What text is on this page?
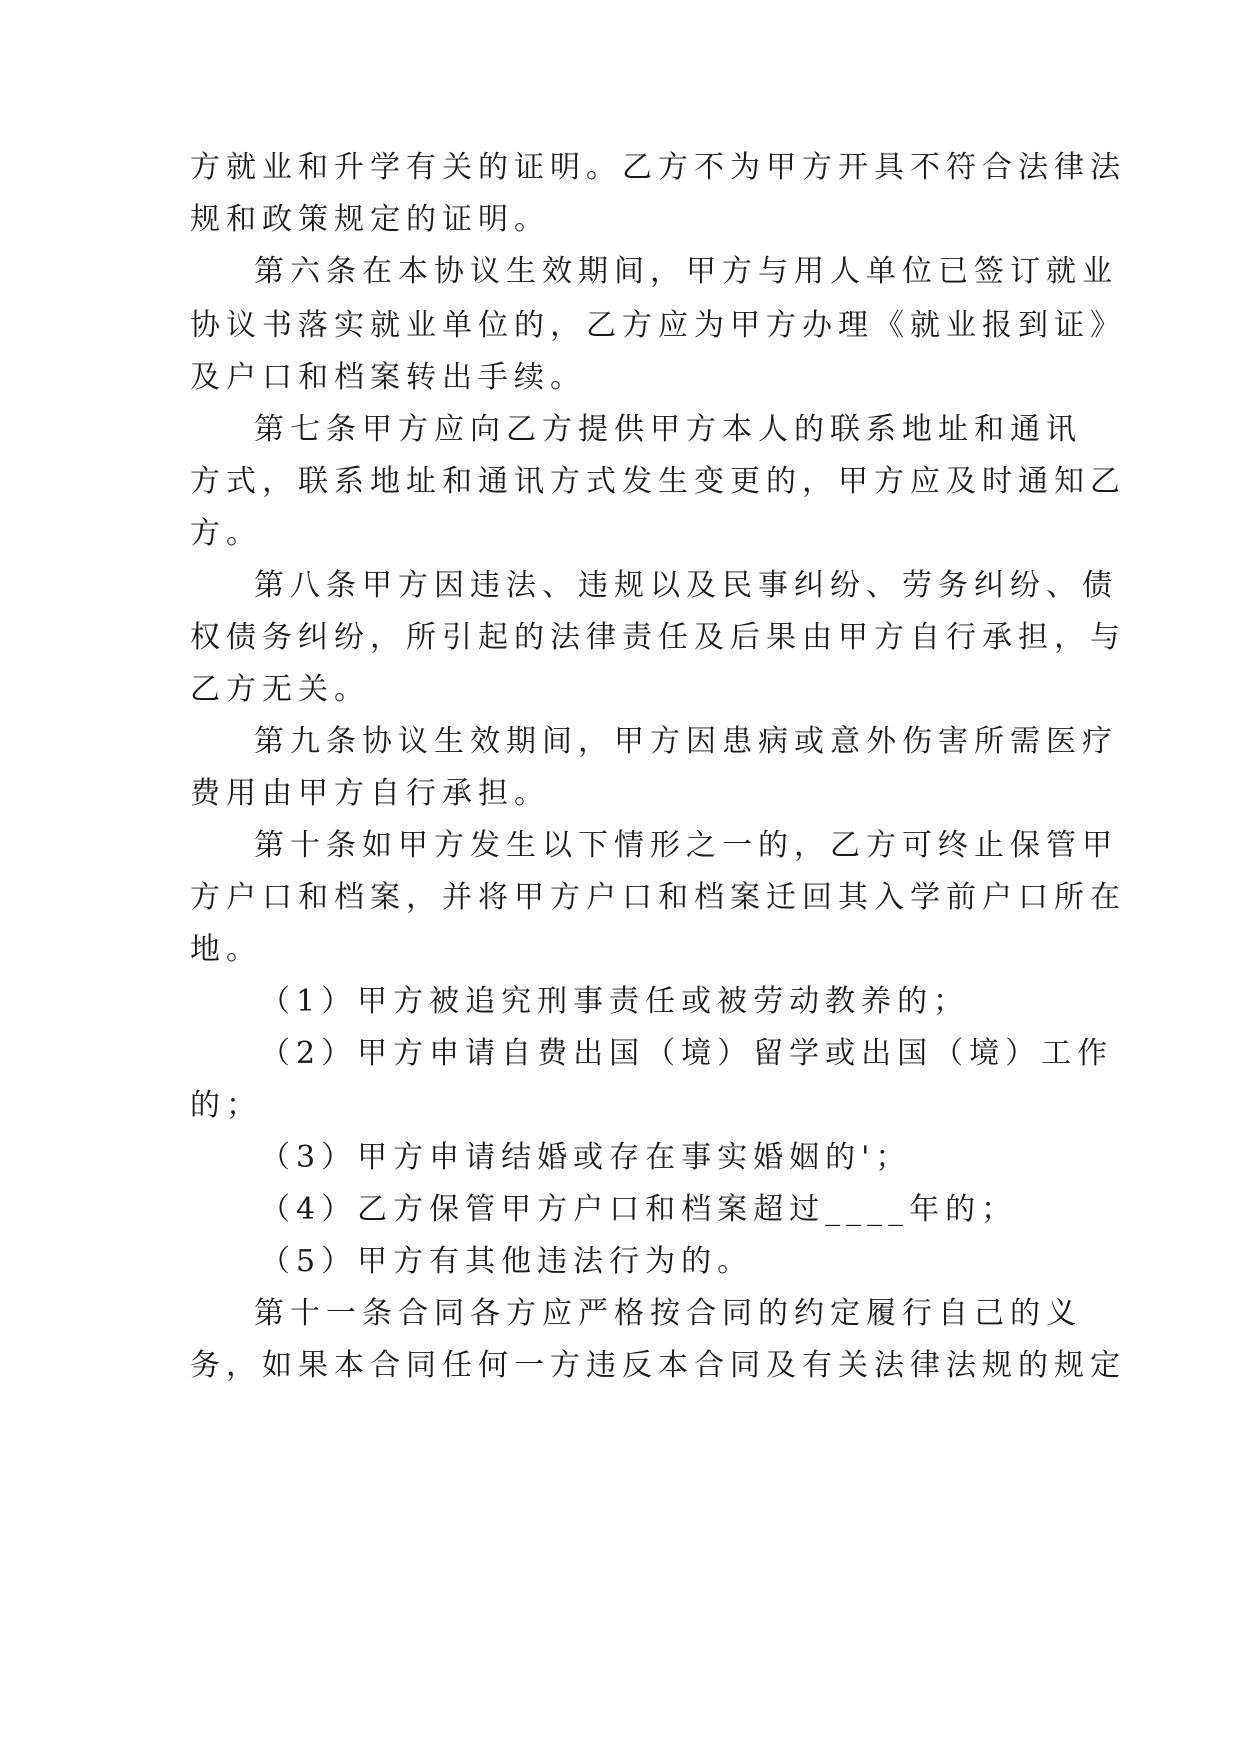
方就业和升学有关的证明。乙方不为甲方开具不符合法律法
规和政策规定的证明。
第六条在本协议生效期间，甲方与用人单位已签订就业
协议书落实就业单位的，乙方应为甲方办理《就业报到证》
及户口和档案转出手续。
第七条甲方应向乙方提供甲方本人的联系地址和通讯
方式，联系地址和通讯方式发生变更的，甲方应及时通知乙
方。
第八条甲方因违法、违规以及民事纠纷、劳务纠纷、债
权债务纠纷，所引起的法律责任及后果由甲方自行承担，与
乙方无关。
第九条协议生效期间，甲方因患病或意外伤害所需医疗
费用由甲方自行承担。
第十条如甲方发生以下情形之一的，乙方可终止保管甲
方户口和档案，并将甲方户口和档案迁回其入学前户口所在
地。
（1）甲方被追究刑事责任或被劳动教养的；
（2）甲方申请自费出国（境）留学或出国（境）工作
的；
（3）甲方申请结婚或存在事实婚姻的'；
（4）乙方保管甲方户口和档案超过____年的；
（5）甲方有其他违法行为的。
第十一条合同各方应严格按合同的约定履行自己的义
务，如果本合同任何一方违反本合同及有关法律法规的规定
